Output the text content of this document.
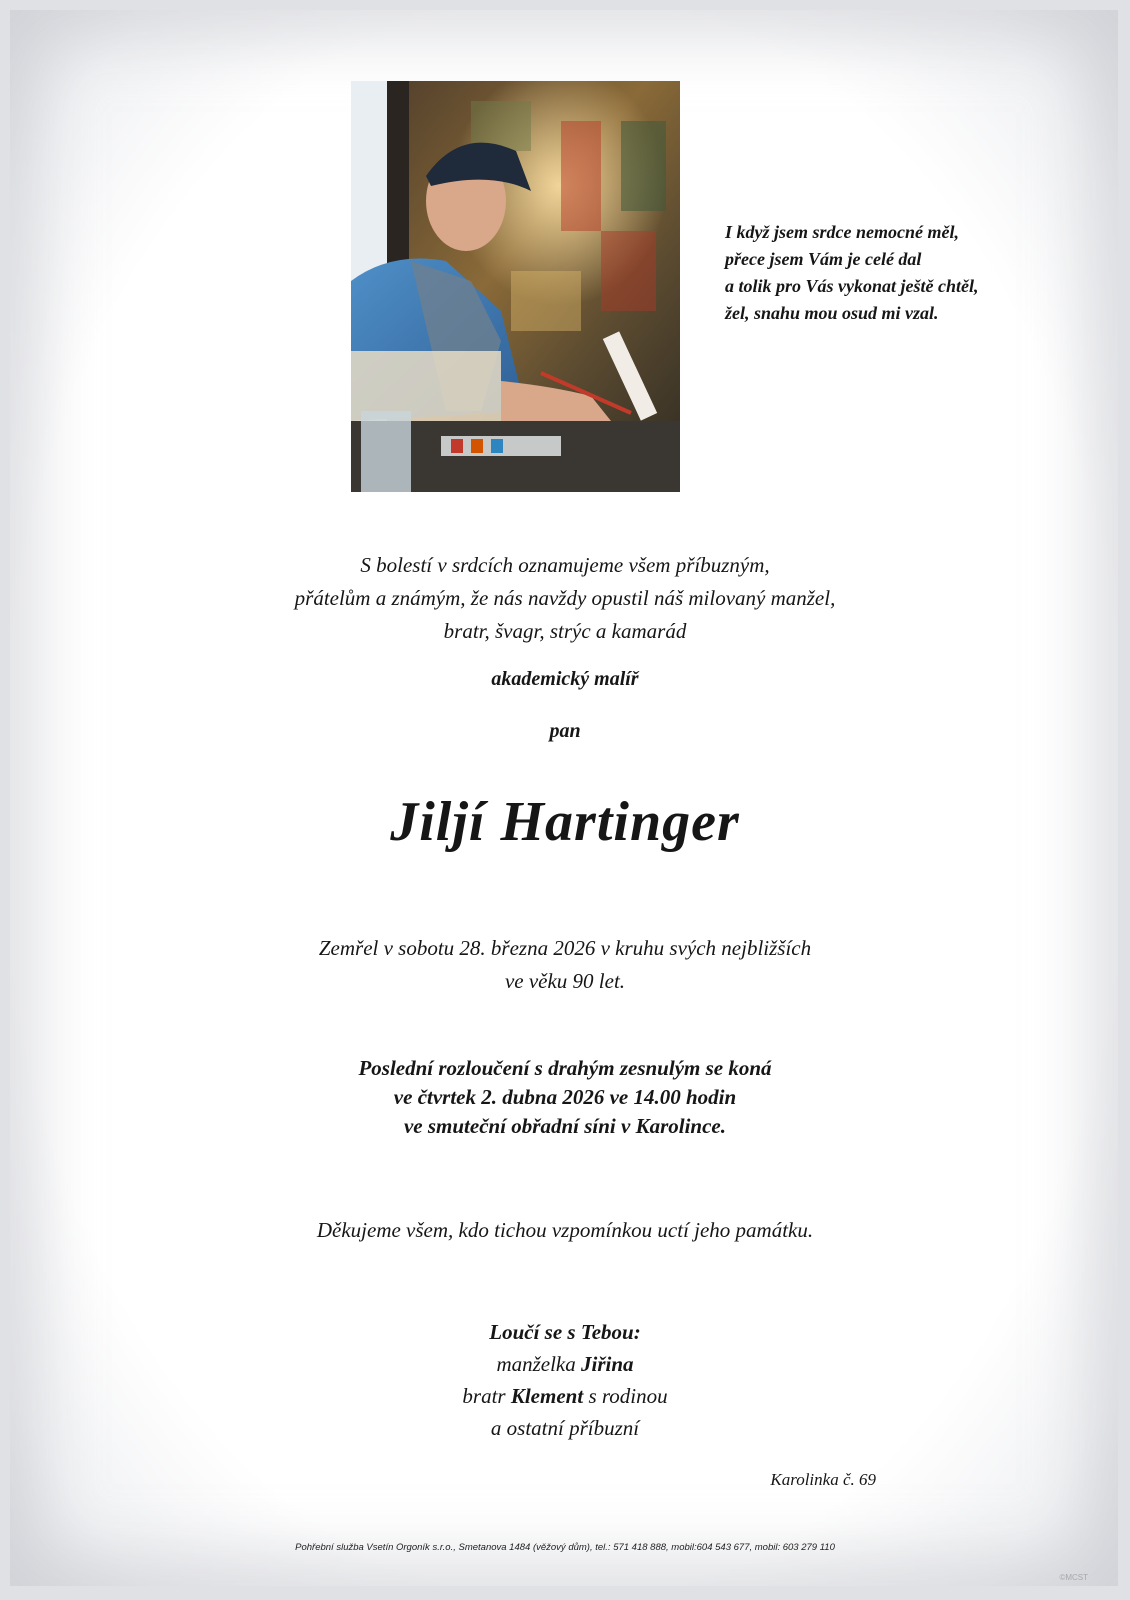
I když jsem srdce nemocné měl,
přece jsem Vám je celé dal
a tolik pro Vás vykonat ještě chtěl,
žel, snahu mou osud mi vzal.
S bolestí v srdcích oznamujeme všem příbuzným,
přátelům a známým, že nás navždy opustil náš milovaný manžel,
bratr, švagr, strýc a kamarád
akademický malíř
pan
Jiljí Hartinger
Zemřel v sobotu 28. března 2026 v kruhu svých nejbližších
ve věku 90 let.
Poslední rozloučení s drahým zesnulým se koná
ve čtvrtek 2. dubna 2026 ve 14.00 hodin
ve smuteční obřadní síni v Karolince.
Děkujeme všem, kdo tichou vzpomínkou uctí jeho památku.
Loučí se s Tebou:
manželka Jiřina
bratr Klement s rodinou
a ostatní příbuzní
Karolinka č. 69
Pohřební služba Vsetín Orgoník s.r.o., Smetanova 1484 (věžový dům), tel.: 571 418 888, mobil:604 543 677, mobil: 603 279 110
©MCST
